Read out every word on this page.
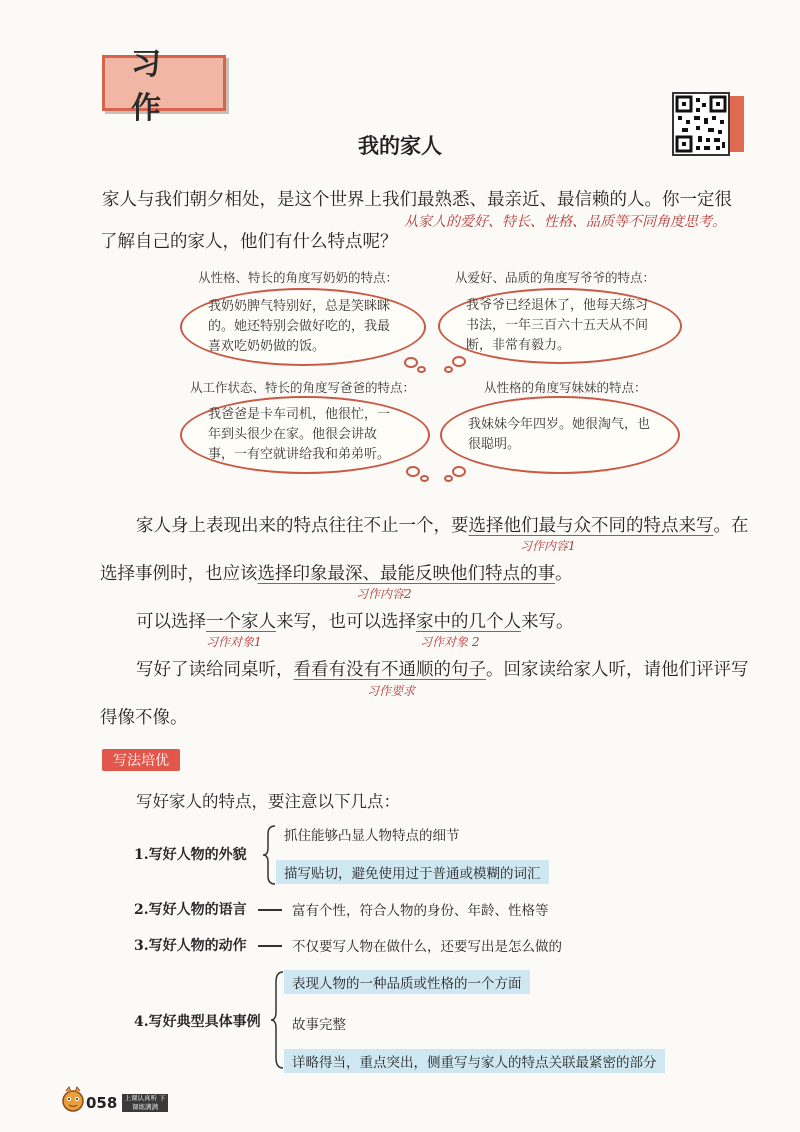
习作
我的家人
家人与我们朝夕相处，是这个世界上我们最熟悉、最亲近、最信赖的人。你一定很
从家人的爱好、特长、性格、品质等不同角度思考。
了解自己的家人，他们有什么特点呢？
从性格、特长的角度写奶奶的特点：	从爱好、品质的角度写爷爷的特点：
从工作状态、特长的角度写爸爸的特点：	从性格的角度写妹妹的特点：
我奶奶脾气特别好，总是笑眯眯的。她还特别会做好吃的，我最喜欢吃奶奶做的饭。
我爷爷已经退休了，他每天练习书法，一年三百六十五天从不间断，非常有毅力。
我爸爸是卡车司机，他很忙，一年到头很少在家。他很会讲故事，一有空就讲给我和弟弟听。
我妹妹今年四岁。她很淘气，也很聪明。
家人身上表现出来的特点往往不止一个，要选择他们最与众不同的特点来写。在
习作内容1
选择事例时，也应该选择印象最深、最能反映他们特点的事。
习作内容2
可以选择一个家人来写，也可以选择家中的几个人来写。
习作对象1	习作对象 2
写好了读给同桌听，看看有没有不通顺的句子。回家读给家人听，请他们评评写
习作要求
得像不像。
写法培优
写好家人的特点，要注意以下几点：
1.写好人物的外貌
抓住能够凸显人物特点的细节
描写贴切，避免使用过于普通或模糊的词汇
2.写好人物的语言	富有个性，符合人物的身份、年龄、性格等
3.写好人物的动作	不仅要写人物在做什么，还要写出是怎么做的
4.写好典型具体事例
表现人物的一种品质或性格的一个方面
故事完整
详略得当，重点突出，侧重写与家人的特点关联最紧密的部分
058	上课认真听 下课练满满
